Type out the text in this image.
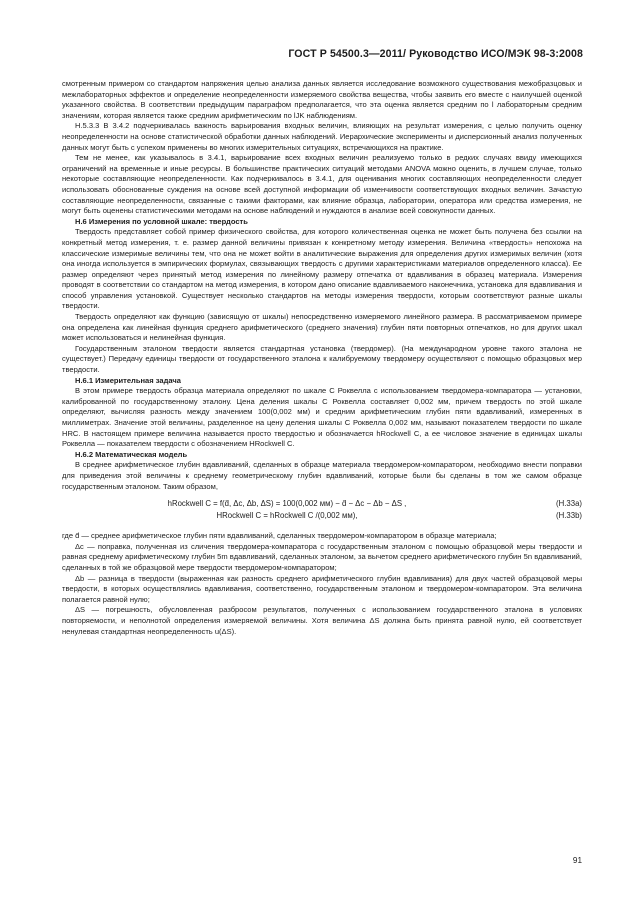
ГОСТ Р 54500.3—2011/ Руководство ИСО/МЭК 98-3:2008

смотренным примером со стандартом напряжения целью анализа данных является исследование возможного существования межобразцовых и межлабораторных эффектов и определение неопределенности измеряемого свойства вещества, чтобы заявить его вместе с наилучшей оценкой указанного свойства. В соответствии предыдущим параграфом предполагается, что эта оценка является средним по l лабораторным средним значениям, которая является также средним арифметическим по lJK наблюдениям.

Н.5.3.3 В 3.4.2 подчеркивалась важность варьирования входных величин, влияющих на результат измерения, с целью получить оценку неопределенности на основе статистической обработки данных наблюдений. Иерархические эксперименты и дисперсионный анализ полученных данных могут быть с успехом применены во многих измерительных ситуациях, встречающихся на практике.

Тем не менее, как указывалось в 3.4.1, варьирование всех входных величин реализуемо только в редких случаях ввиду имеющихся ограничений на временные и иные ресурсы. В большинстве практических ситуаций методами ANOVA можно оценить, в лучшем случае, только некоторые составляющие неопределенности. Как подчеркивалось в 3.4.1, для оценивания многих составляющих неопределенности следует использовать обоснованные суждения на основе всей доступной информации об изменчивости соответствующих входных величин. Зачастую составляющие неопределенности, связанные с такими факторами, как влияние образца, лаборатории, оператора или средства измерения, не могут быть оценены статистическими методами на основе наблюдений и нуждаются в анализе всей совокупности данных.

Н.6 Измерения по условной шкале: твердость

Твердость представляет собой пример физического свойства, для которого количественная оценка не может быть получена без ссылки на конкретный метод измерения, т. е. размер данной величины привязан к конкретному методу измерения. Величина «твердость» непохожа на классические измеримые величины тем, что она не может войти в аналитические выражения для определения других измеримых величин (хотя она иногда используется в эмпирических формулах, связывающих твердость с другими характеристиками материалов определенного класса). Ее размер определяют через принятый метод измерения по линейному размеру отпечатка от вдавливания в образец материала. Измерения проводят в соответствии со стандартом на метод измерения, в котором дано описание вдавливаемого наконечника, установка для вдавливания и способ управления установкой. Существует несколько стандартов на методы измерения твердости, которым соответствуют разные шкалы твердости.

Твердость определяют как функцию (зависящую от шкалы) непосредственно измеряемого линейного размера. В рассматриваемом примере она определена как линейная функция среднего арифметического (среднего значения) глубин пяти повторных отпечатков, но для других шкал может использоваться и нелинейная функция.

Государственным эталоном твердости является стандартная установка (твердомер). (На международном уровне такого эталона не существует.) Передачу единицы твердости от государственного эталона к калибруемому твердомеру осуществляют с помощью образцовых мер твердости.

Н.6.1 Измерительная задача

В этом примере твердость образца материала определяют по шкале С Роквелла с использованием твердомера-компаратора — установки, калиброванной по государственному эталону. Цена деления шкалы С Роквелла составляет 0,002 мм, причем твердость по этой шкале определяют, вычисляя разность между значением 100(0,002 мм) и средним арифметическим глубин пяти вдавливаний, измеренных в миллиметрах. Значение этой величины, разделенное на цену деления шкалы С Роквелла 0,002 мм, называют показателем твердости по шкале HRC. В настоящем примере величина называется просто твердостью и обозначается hRockwell C, а ее числовое значение в единицах шкалы Роквелла — показателем твердости с обозначением HRockwell C.

Н.6.2 Математическая модель

В среднее арифметическое глубин вдавливаний, сделанных в образце материала твердомером-компаратором, необходимо внести поправки для приведения этой величины к среднему геометрическому глубин вдавливаний, которые были бы сделаны в том же самом образце государственным эталоном. Таким образом,

hRockwell C = f(d̄, Δc, Δb, ΔS) = 100(0,002 мм) − d̄ − Δc − Δb − ΔS ,	(Н.33а)
HRockwell C = hRockwell C /(0,002 мм),	(Н.33b)

где d̄ — среднее арифметическое глубин пяти вдавливаний, сделанных твердомером-компаратором в образце материала;

Δc — поправка, полученная из сличения твердомера-компаратора с государственным эталоном с помощью образцовой меры твердости и равная среднему арифметическому глубин 5m вдавливаний, сделанных эталоном, за вычетом среднего арифметического глубин 5n вдавливаний, сделанных в той же образцовой мере твердости твердомером-компаратором;

Δb — разница в твердости (выраженная как разность среднего арифметического глубин вдавливания) для двух частей образцовой меры твердости, в которых осуществлялись вдавливания, соответственно, государственным эталоном и твердомером-компаратором. Эта величина полагается равной нулю;

ΔS — погрешность, обусловленная разбросом результатов, полученных с использованием государственного эталона в условиях повторяемости, и неполнотой определения измеряемой величины. Хотя величина ΔS должна быть принята равной нулю, ей соответствует ненулевая стандартная неопределенность u(ΔS).

91
